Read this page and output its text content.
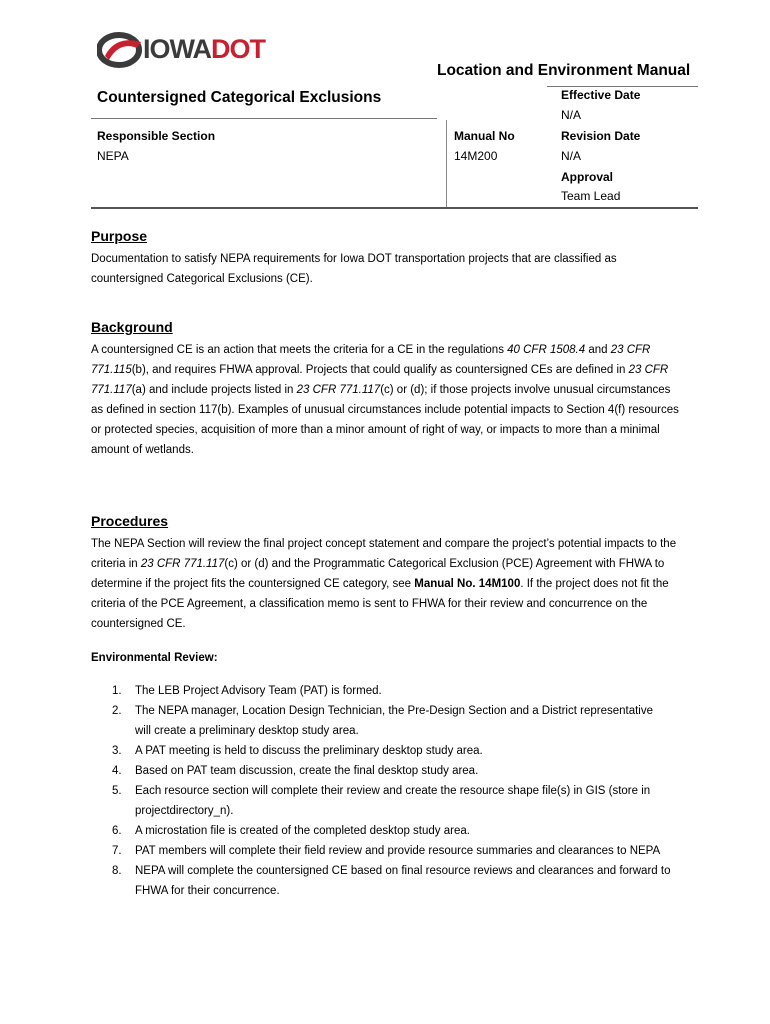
IOWADOT
Location and Environment Manual
Countersigned Categorical Exclusions
Responsible Section
NEPA
Manual No
14M200
Effective Date
N/A
Revision Date
N/A
Approval
Team Lead
Purpose
Documentation to satisfy NEPA requirements for Iowa DOT transportation projects that are classified as countersigned Categorical Exclusions (CE).
Background
A countersigned CE is an action that meets the criteria for a CE in the regulations 40 CFR 1508.4 and 23 CFR 771.115(b), and requires FHWA approval. Projects that could qualify as countersigned CEs are defined in 23 CFR 771.117(a) and include projects listed in 23 CFR 771.117(c) or (d); if those projects involve unusual circumstances as defined in section 117(b). Examples of unusual circumstances include potential impacts to Section 4(f) resources or protected species, acquisition of more than a minor amount of right of way, or impacts to more than a minimal amount of wetlands.
Procedures
The NEPA Section will review the final project concept statement and compare the project’s potential impacts to the criteria in 23 CFR 771.117(c) or (d) and the Programmatic Categorical Exclusion (PCE) Agreement with FHWA to determine if the project fits the countersigned CE category, see Manual No. 14M100. If the project does not fit the criteria of the PCE Agreement, a classification memo is sent to FHWA for their review and concurrence on the countersigned CE.
Environmental Review:
1. The LEB Project Advisory Team (PAT) is formed.
2. The NEPA manager, Location Design Technician, the Pre-Design Section and a District representative will create a preliminary desktop study area.
3. A PAT meeting is held to discuss the preliminary desktop study area.
4. Based on PAT team discussion, create the final desktop study area.
5. Each resource section will complete their review and create the resource shape file(s) in GIS (store in projectdirectory_n).
6. A microstation file is created of the completed desktop study area.
7. PAT members will complete their field review and provide resource summaries and clearances to NEPA
8. NEPA will complete the countersigned CE based on final resource reviews and clearances and forward to FHWA for their concurrence.
